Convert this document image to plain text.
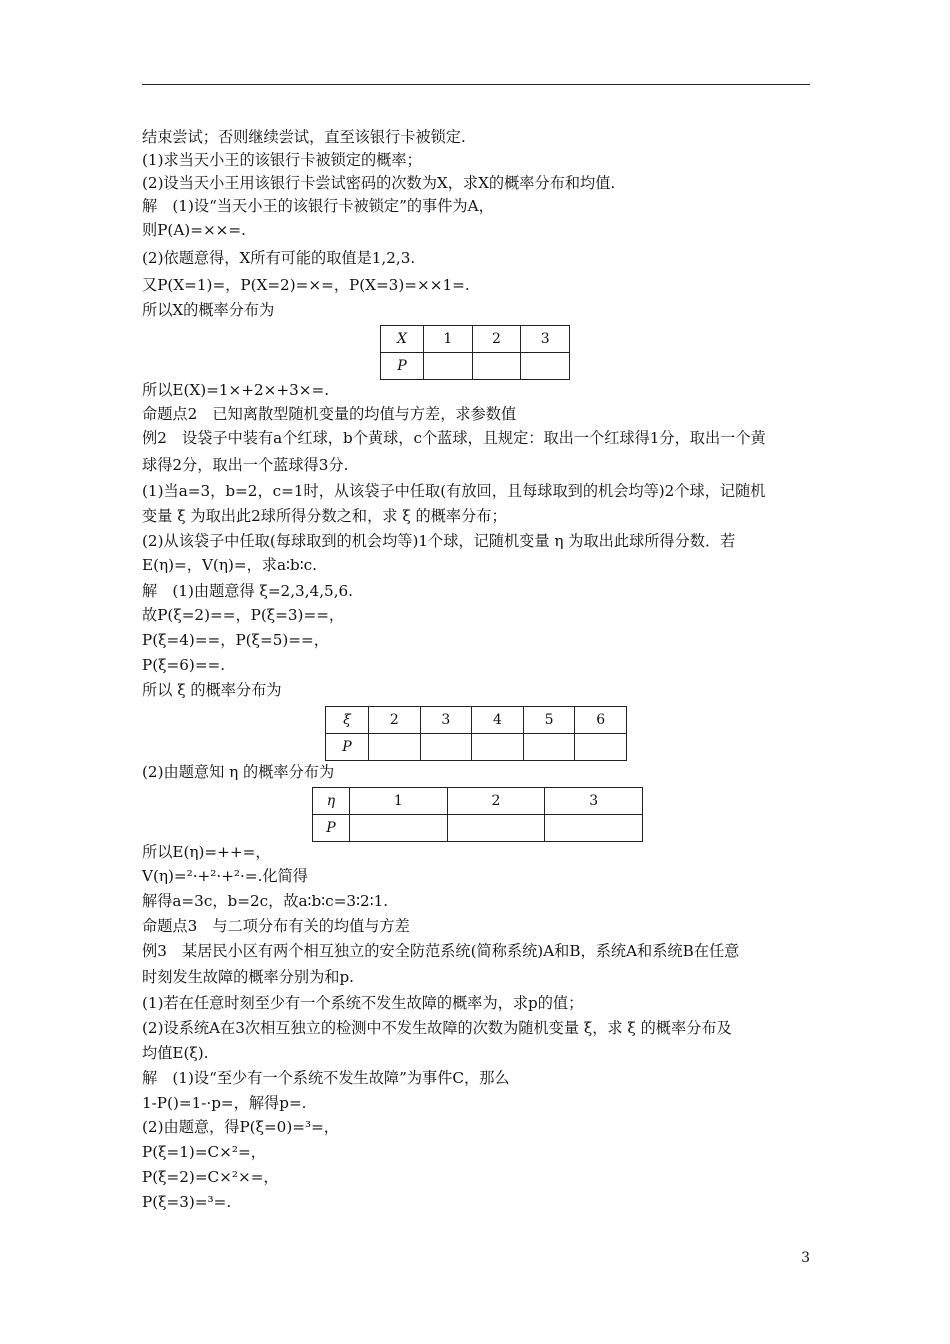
结束尝试；否则继续尝试，直至该银行卡被锁定.
(1)求当天小王的该银行卡被锁定的概率；
(2)设当天小王用该银行卡尝试密码的次数为X，求X的概率分布和均值.
解　(1)设“当天小王的该银行卡被锁定”的事件为A，
则P(A)=××=.
(2)依题意得，X所有可能的取值是1,2,3.
又P(X=1)=，P(X=2)=×=，P(X=3)=××1=.
所以X的概率分布为
X	1	2	3
P			
所以E(X)=1×+2×+3×=.
命题点2　已知离散型随机变量的均值与方差，求参数值
例2　设袋子中装有a个红球，b个黄球，c个蓝球，且规定：取出一个红球得1分，取出一个黄
球得2分，取出一个蓝球得3分.
(1)当a=3，b=2，c=1时，从该袋子中任取(有放回，且每球取到的机会均等)2个球，记随机
变量 ξ 为取出此2球所得分数之和，求 ξ 的概率分布；
(2)从该袋子中任取(每球取到的机会均等)1个球，记随机变量 η 为取出此球所得分数．若
E(η)=，V(η)=，求a∶b∶c.
解　(1)由题意得 ξ=2,3,4,5,6.
故P(ξ=2)==，P(ξ=3)==，
P(ξ=4)==，P(ξ=5)==，
P(ξ=6)==.
所以 ξ 的概率分布为
ξ	2	3	4	5	6
P					
(2)由题意知 η 的概率分布为
η	1	2	3
P			
所以E(η)=++=，
V(η)=²·+²·+²·=.化简得
解得a=3c，b=2c，故a∶b∶c=3∶2∶1.
命题点3　与二项分布有关的均值与方差
例3　某居民小区有两个相互独立的安全防范系统(简称系统)A和B，系统A和系统B在任意
时刻发生故障的概率分别为和p.
(1)若在任意时刻至少有一个系统不发生故障的概率为，求p的值；
(2)设系统A在3次相互独立的检测中不发生故障的次数为随机变量 ξ，求 ξ 的概率分布及
均值E(ξ).
解　(1)设“至少有一个系统不发生故障”为事件C，那么
1-P()=1-·p=，解得p=.
(2)由题意，得P(ξ=0)=³=，
P(ξ=1)=C×²=，
P(ξ=2)=C×²×=，
P(ξ=3)=³=.
3
